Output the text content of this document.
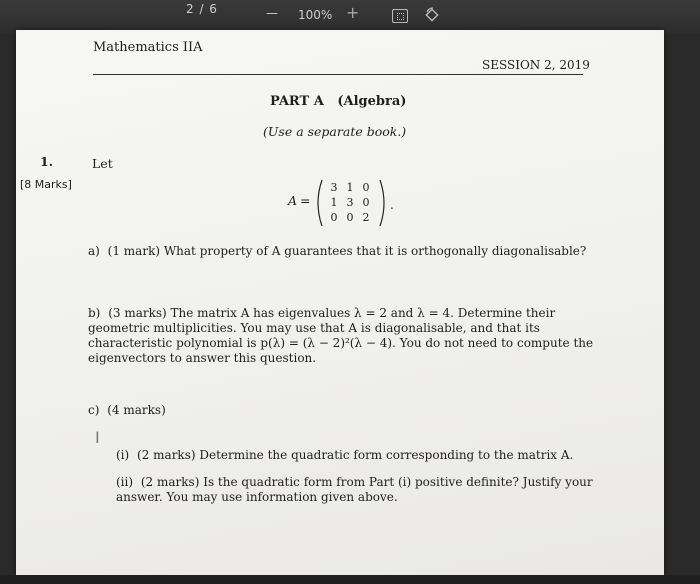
2 / 6	— 100% +
Mathematics IIA
SESSION 2, 2019
PART A (Algebra)
(Use a separate book.)
1.
[8 Marks]
Let
A =
3 1 0
1 3 0
0 0 2
.
a) (1 mark) What property of A guarantees that it is orthogonally diagonalisable?
b) (3 marks) The matrix A has eigenvalues λ = 2 and λ = 4. Determine their geometric multiplicities. You may use that A is diagonalisable, and that its characteristic polynomial is p(λ) = (λ − 2)²(λ − 4). You do not need to compute the eigenvectors to answer this question.
c) (4 marks)
I
(i) (2 marks) Determine the quadratic form corresponding to the matrix A.
(ii) (2 marks) Is the quadratic form from Part (i) positive definite? Justify your answer. You may use information given above.
